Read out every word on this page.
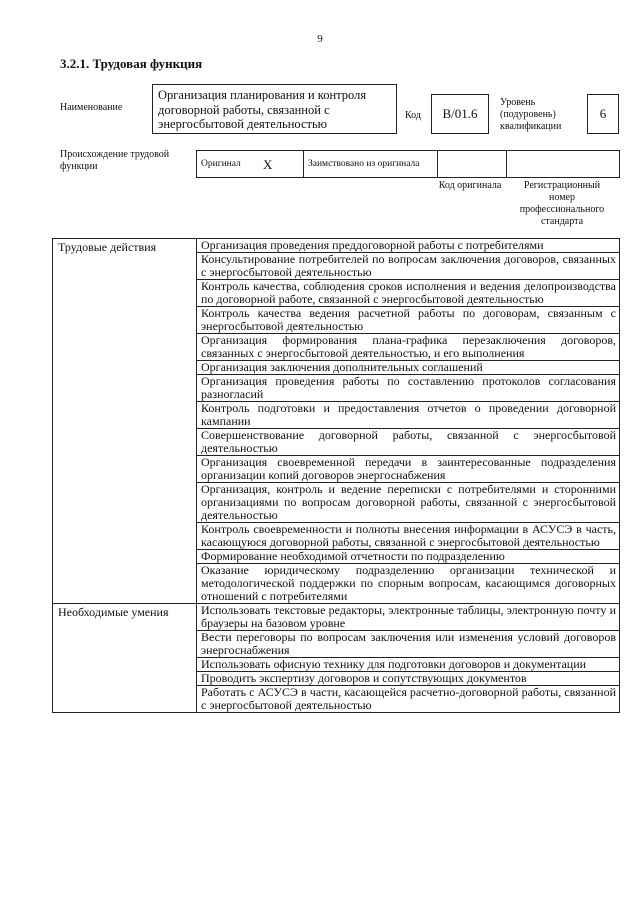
9
3.2.1. Трудовая функция
Наименование
Организация планирования и контроля договорной работы, связанной с энергосбытовой деятельностью
Код	B/01.6
Уровень (подуровень) квалификации
6
Происхождение трудовой функции	Оригинал	Х	Заимствовано из оригинала		
Код оригинала	Регистрационный номер профессионального стандарта
Трудовые действия	Организация проведения преддоговорной работы с потребителями
	Консультирование потребителей по вопросам заключения договоров, связанных с энергосбытовой деятельностью
	Контроль качества, соблюдения сроков исполнения и ведения делопроизводства по договорной работе, связанной с энергосбытовой деятельностью
	Контроль качества ведения расчетной работы по договорам, связанным с энергосбытовой деятельностью
	Организация формирования плана-графика перезаключения договоров, связанных с энергосбытовой деятельностью, и его выполнения
	Организация заключения дополнительных соглашений
	Организация проведения работы по составлению протоколов согласования разногласий
	Контроль подготовки и предоставления отчетов о проведении договорной кампании
	Совершенствование договорной работы, связанной с энергосбытовой деятельностью
	Организация своевременной передачи в заинтересованные подразделения организации копий договоров энергоснабжения
	Организация, контроль и ведение переписки с потребителями и сторонними организациями по вопросам договорной работы, связанной с энергосбытовой деятельностью
	Контроль своевременности и полноты внесения информации в АСУСЭ в часть, касающуюся договорной работы, связанной с энергосбытовой деятельностью
	Формирование необходимой отчетности по подразделению
	Оказание юридическому подразделению организации технической и методологической поддержки по спорным вопросам, касающимся договорных отношений с потребителями
Необходимые умения	Использовать текстовые редакторы, электронные таблицы, электронную почту и браузеры на базовом уровне
	Вести переговоры по вопросам заключения или изменения условий договоров энергоснабжения
	Использовать офисную технику для подготовки договоров и документации
	Проводить экспертизу договоров и сопутствующих документов
	Работать с АСУСЭ в части, касающейся расчетно-договорной работы, связанной с энергосбытовой деятельностью
